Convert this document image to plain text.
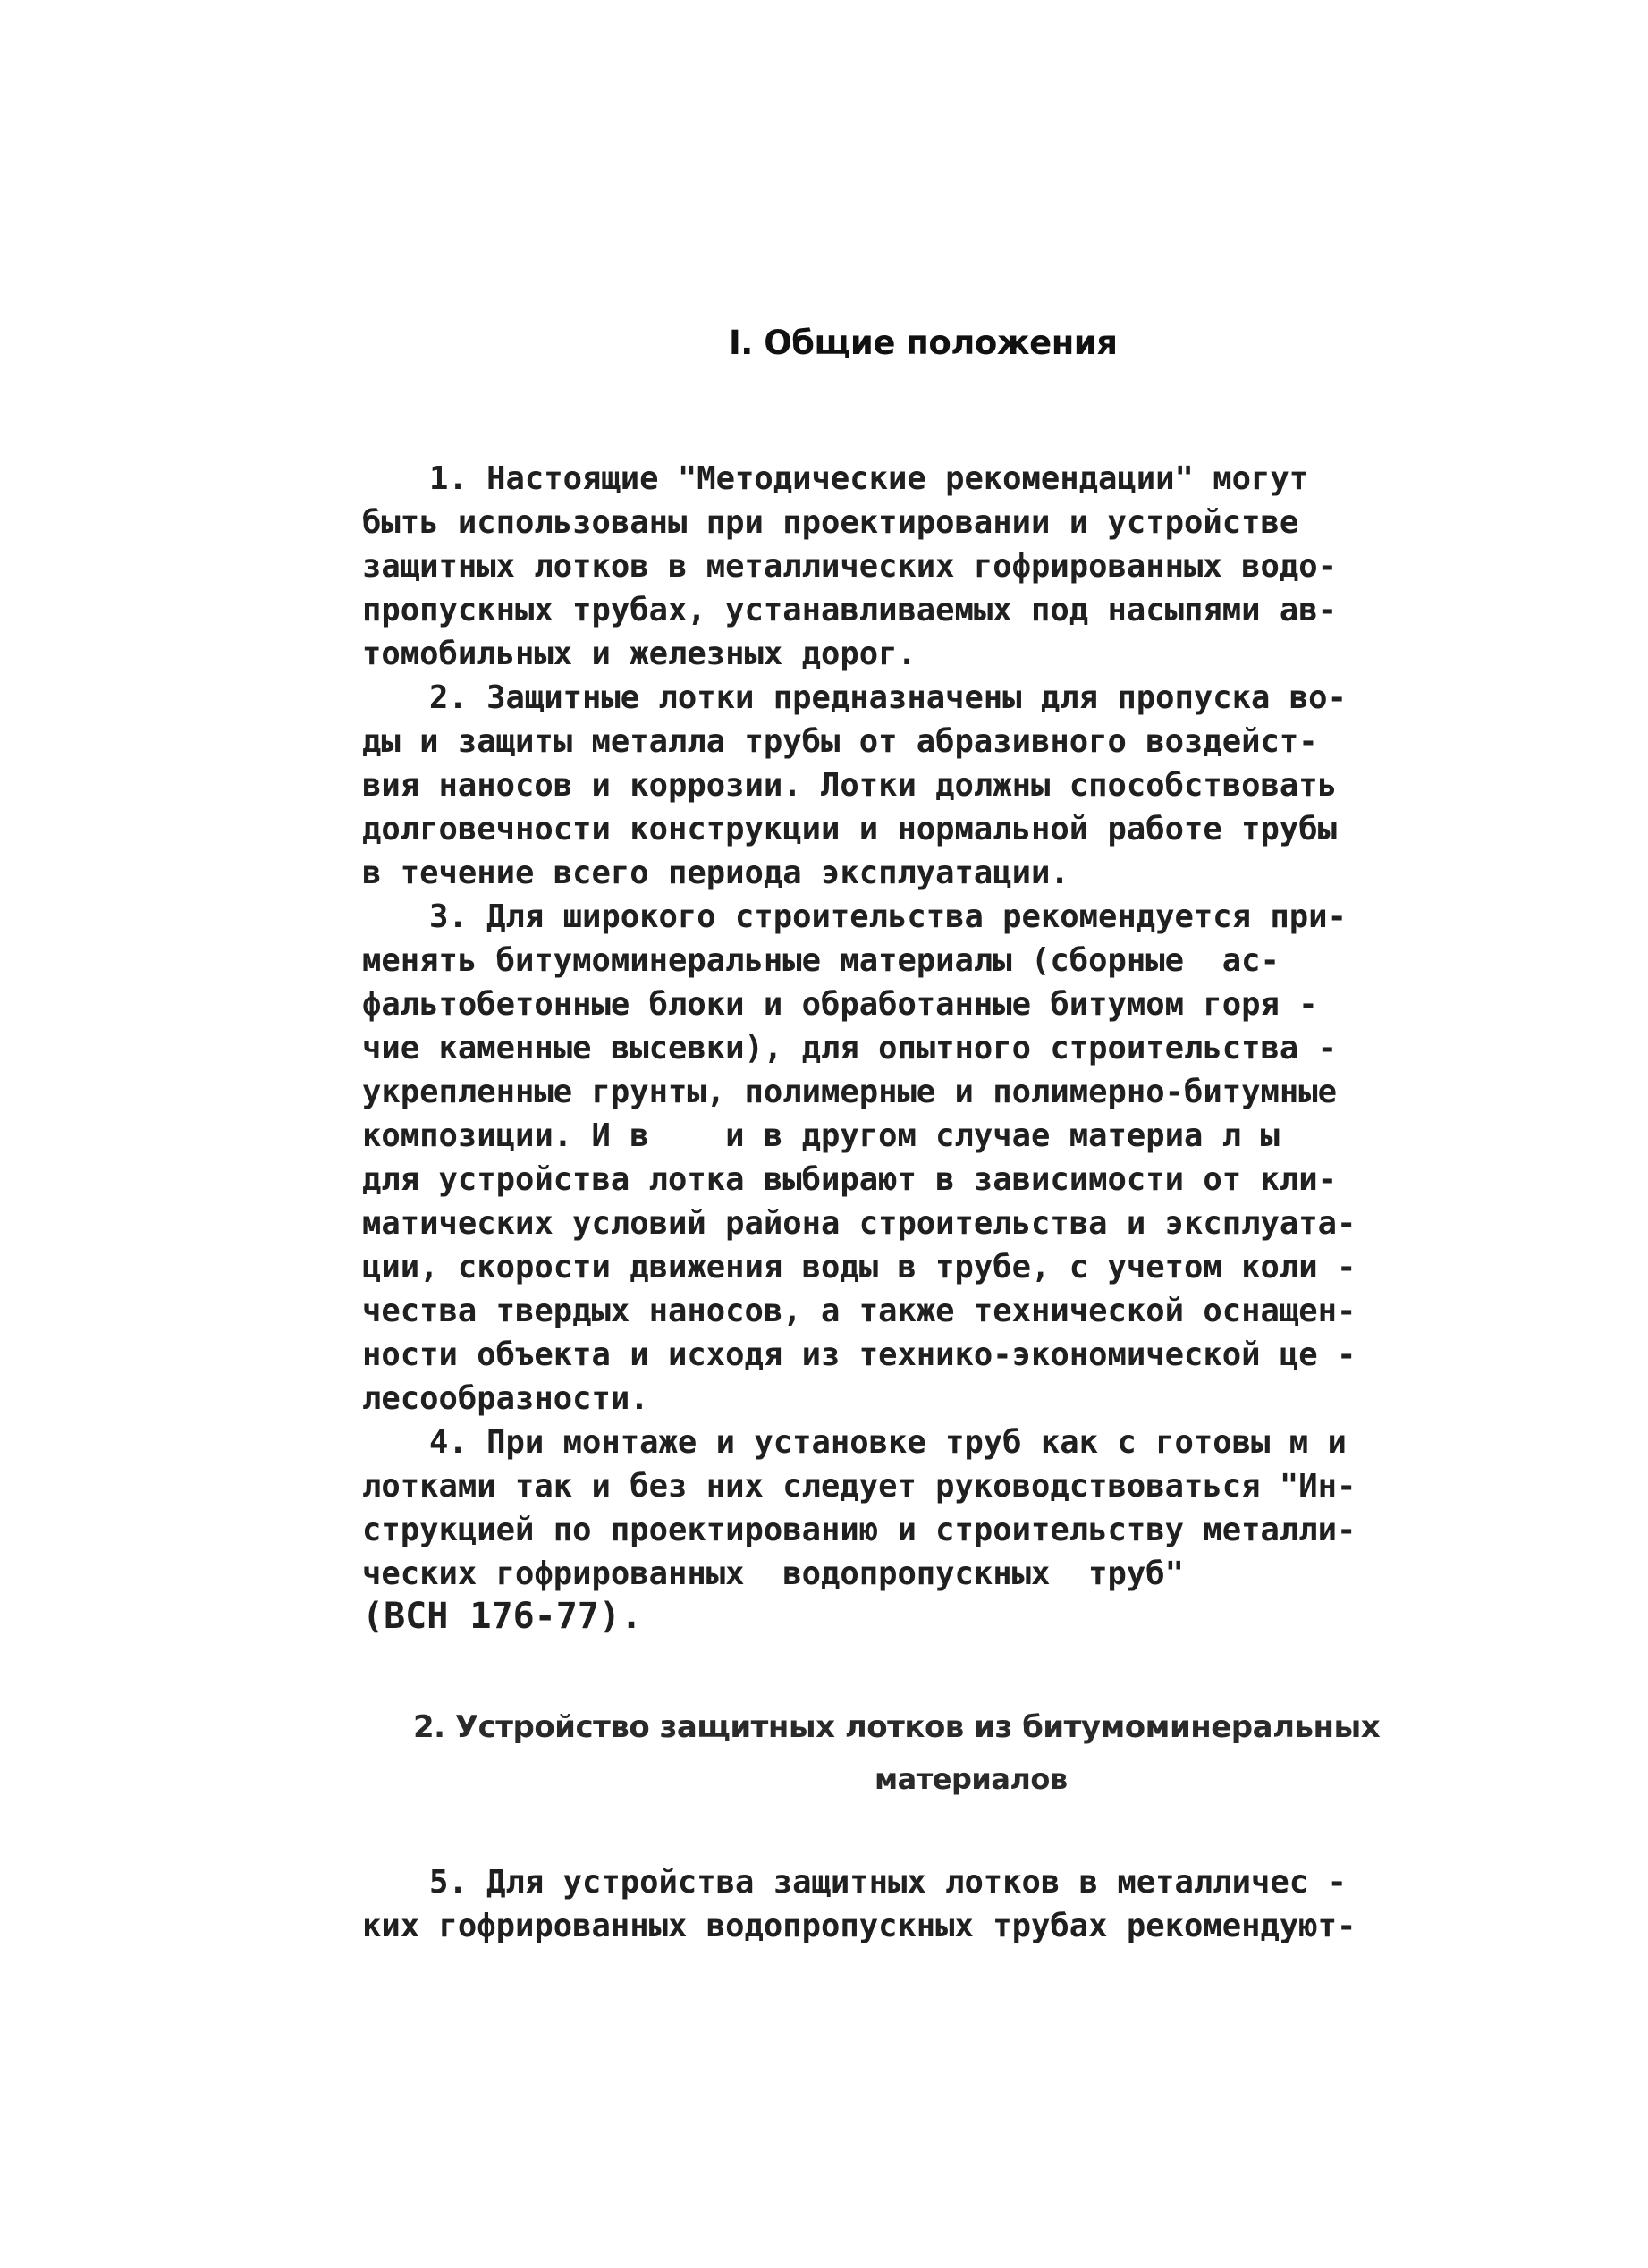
I. Общие положения
1. Настоящие "Методические рекомендации" могут
быть использованы при проектировании и устройстве
защитных лотков в металлических гофрированных водо-
пропускных трубах, устанавливаемых под насыпями ав-
томобильных и железных дорог.
2. Защитные лотки предназначены для пропуска во-
ды и защиты металла трубы от абразивного воздейст-
вия наносов и коррозии. Лотки должны способствовать
долговечности конструкции и нормальной работе трубы
в течение всего периода эксплуатации.
3. Для широкого строительства рекомендуется при-
менять битумоминеральные материалы (сборные  ас-
фальтобетонные блоки и обработанные битумом горя -
чие каменные высевки), для опытного строительства -
укрепленные грунты, полимерные и полимерно-битумные
композиции. И в    и в другом случае материа л ы
для устройства лотка выбирают в зависимости от кли-
матических условий района строительства и эксплуата-
ции, скорости движения воды в трубе, с учетом коли -
чества твердых наносов, а также технической оснащен-
ности объекта и исходя из технико-экономической це -
лесообразности.
4. При монтаже и установке труб как с готовы м и
лотками так и без них следует руководствоваться "Ин-
струкцией по проектированию и строительству металли-
ческих гофрированных  водопропускных  труб"
(ВСН 176-77).
2. Устройство защитных лотков из битумоминеральных
материалов
5. Для устройства защитных лотков в металличес -
ких гофрированных водопропускных трубах рекомендуют-
